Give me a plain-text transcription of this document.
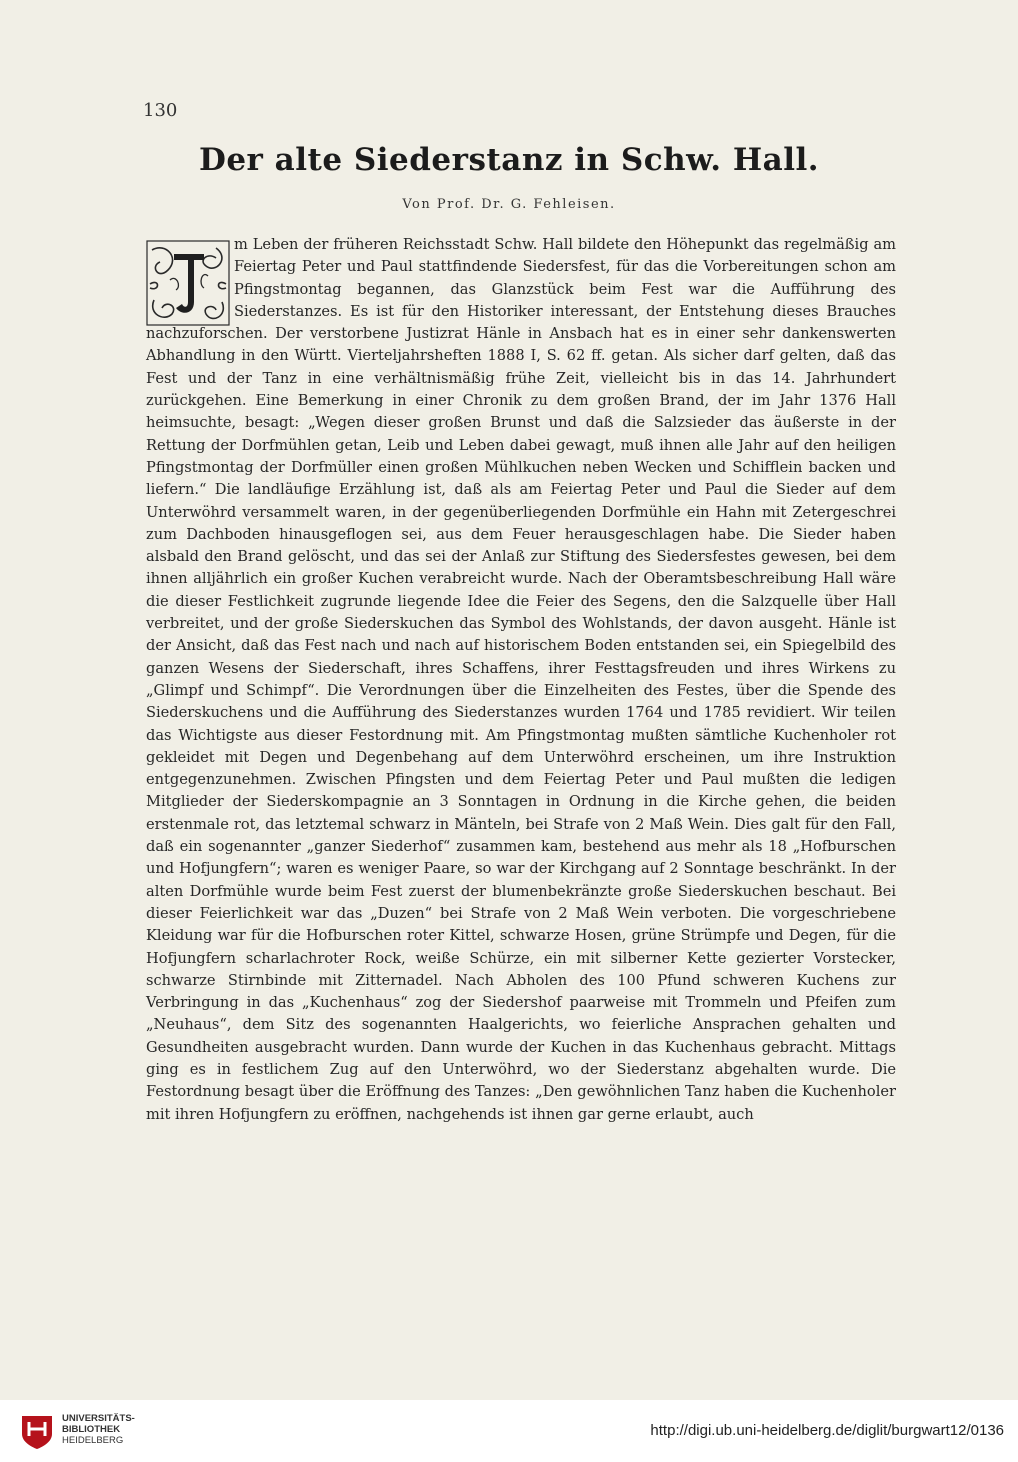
130
Der alte Siederstanz in Schw. Hall.
Von Prof. Dr. G. Fehleisen.
J m Leben der früheren Reichsstadt Schw. Hall bildete den Höhepunkt das regelmäßig am Feiertag Peter und Paul stattfindende Siedersfest, für das die Vorbereitungen schon am Pfingstmontag begannen, das Glanzstück beim Fest war die Aufführung des Siederstanzes. Es ist für den Historiker interessant, der Entstehung dieses Brauches nachzuforschen. Der verstorbene Justizrat Hänle in Ansbach hat es in einer sehr dankenswerten Abhandlung in den Württ. Vierteljahrsheften 1888 I, S. 62 ff. getan. Als sicher darf gelten, daß das Fest und der Tanz in eine verhältnismäßig frühe Zeit, vielleicht bis in das 14. Jahrhundert zurückgehen. Eine Bemerkung in einer Chronik zu dem großen Brand, der im Jahr 1376 Hall heimsuchte, besagt: „Wegen dieser großen Brunst und daß die Salzsieder das äußerste in der Rettung der Dorfmühlen getan, Leib und Leben dabei gewagt, muß ihnen alle Jahr auf den heiligen Pfingstmontag der Dorfmüller einen großen Mühlkuchen neben Wecken und Schifflein backen und liefern.“ Die landläufige Erzählung ist, daß als am Feiertag Peter und Paul die Sieder auf dem Unterwöhrd versammelt waren, in der gegenüberliegenden Dorfmühle ein Hahn mit Zetergeschrei zum Dachboden hinausgeflogen sei, aus dem Feuer herausgeschlagen habe. Die Sieder haben alsbald den Brand gelöscht, und das sei der Anlaß zur Stiftung des Siedersfestes gewesen, bei dem ihnen alljährlich ein großer Kuchen verabreicht wurde. Nach der Oberamtsbeschreibung Hall wäre die dieser Festlichkeit zugrunde liegende Idee die Feier des Segens, den die Salzquelle über Hall verbreitet, und der große Siederskuchen das Symbol des Wohlstands, der davon ausgeht. Hänle ist der Ansicht, daß das Fest nach und nach auf historischem Boden entstanden sei, ein Spiegelbild des ganzen Wesens der Siederschaft, ihres Schaffens, ihrer Festtagsfreuden und ihres Wirkens zu „Glimpf und Schimpf“. Die Verordnungen über die Einzelheiten des Festes, über die Spende des Siederskuchens und die Aufführung des Siederstanzes wurden 1764 und 1785 revidiert. Wir teilen das Wichtigste aus dieser Festordnung mit. Am Pfingstmontag mußten sämtliche Kuchenholer rot gekleidet mit Degen und Degenbehang auf dem Unterwöhrd erscheinen, um ihre Instruktion entgegenzunehmen. Zwischen Pfingsten und dem Feiertag Peter und Paul mußten die ledigen Mitglieder der Siederskompagnie an 3 Sonntagen in Ordnung in die Kirche gehen, die beiden erstenmale rot, das letztemal schwarz in Mänteln, bei Strafe von 2 Maß Wein. Dies galt für den Fall, daß ein sogenannter „ganzer Siederhof“ zusammen kam, bestehend aus mehr als 18 „Hofburschen und Hofjungfern“; waren es weniger Paare, so war der Kirchgang auf 2 Sonntage beschränkt. In der alten Dorfmühle wurde beim Fest zuerst der blumenbekränzte große Siederskuchen beschaut. Bei dieser Feierlichkeit war das „Duzen“ bei Strafe von 2 Maß Wein verboten. Die vorgeschriebene Kleidung war für die Hofburschen roter Kittel, schwarze Hosen, grüne Strümpfe und Degen, für die Hofjungfern scharlachroter Rock, weiße Schürze, ein mit silberner Kette gezierter Vorstecker, schwarze Stirnbinde mit Zitternadel. Nach Abholen des 100 Pfund schweren Kuchens zur Verbringung in das „Kuchenhaus“ zog der Siedershof paarweise mit Trommeln und Pfeifen zum „Neuhaus“, dem Sitz des sogenannten Haalgerichts, wo feierliche Ansprachen gehalten und Gesundheiten ausgebracht wurden. Dann wurde der Kuchen in das Kuchenhaus gebracht. Mittags ging es in festlichem Zug auf den Unterwöhrd, wo der Siederstanz abgehalten wurde. Die Festordnung besagt über die Eröffnung des Tanzes: „Den gewöhnlichen Tanz haben die Kuchenholer mit ihren Hofjungfern zu eröffnen, nachgehends ist ihnen gar gerne erlaubt, auch

UNIVERSITÄTS-
BIBLIOTHEK
HEIDELBERG
http://digi.ub.uni-heidelberg.de/diglit/burgwart12/0136
